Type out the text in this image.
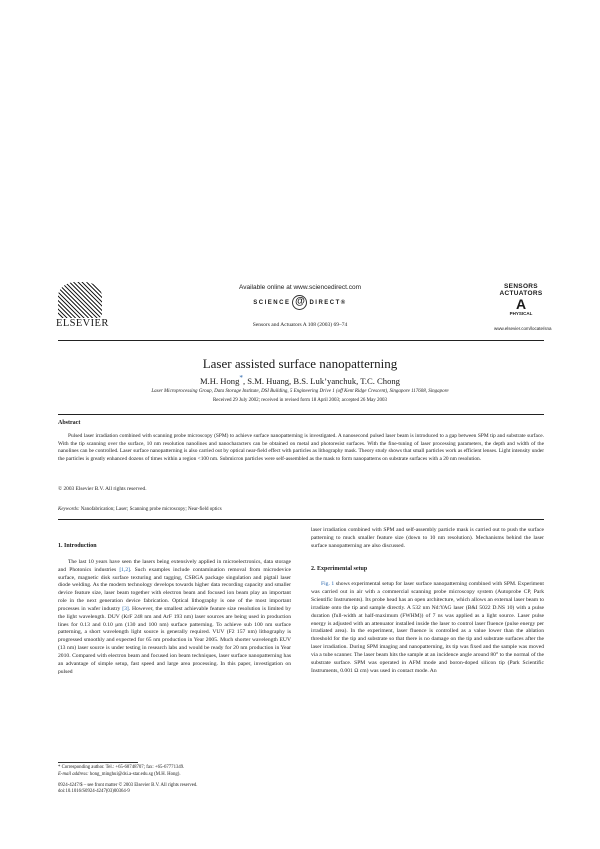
ELSEVIER
Available online at www.sciencedirect.com
SCIENCE @ DIRECT®
Sensors and Actuators A 108 (2003) 69–74
SENSORS
ACTUATORS
A
PHYSICAL
www.elsevier.com/locate/sna
Laser assisted surface nanopatterning
M.H. Hong*, S.M. Huang, B.S. Luk’yanchuk, T.C. Chong
Laser Microprocessing Group, Data Storage Institute, DSI Building, 5 Engineering Drive 1 (off Kent Ridge Crescent), Singapore 117608, Singapore
Received 29 July 2002; received in revised form 18 April 2003; accepted 26 May 2003
Abstract
Pulsed laser irradiation combined with scanning probe microscopy (SPM) to achieve surface nanopatterning is investigated. A nanosecond pulsed laser beam is introduced to a gap between SPM tip and substrate surface. With the tip scanning over the surface, 10 nm resolution nanolines and nanocharacters can be obtained on metal and photoresist surfaces. With the fine-tuning of laser processing parameters, the depth and width of the nanolines can be controlled. Laser surface nanopatterning is also carried out by optical near-field effect with particles as lithography mask. Theory study shows that small particles work as efficient lenses. Light intensity under the particles is greatly enhanced dozens of times within a region <100 nm. Submicron particles were self-assembled as the mask to form nanopatterns on substrate surfaces with a 20 nm resolution.
© 2003 Elsevier B.V. All rights reserved.
Keywords: Nanofabrication; Laser; Scanning probe microscopy; Near-field optics
1. Introduction

The last 10 years have seen the lasers being extensively applied in microelectronics, data storage and Photonics industries [1,2]. Such examples include contamination removal from microdevice surface, magnetic disk surface texturing and tagging, CSBGA package singulation and pigtail laser diode welding. As the modern technology develops towards higher data recording capacity and smaller device feature size, laser beam together with electron beam and focused ion beam play an important role in the next generation device fabrication. Optical lithography is one of the most important processes in wafer industry [3]. However, the smallest achievable feature size resolution is limited by the light wavelength. DUV (KrF 248 nm and ArF 193 nm) laser sources are being used in production lines for 0.13 and 0.10 μm (130 and 100 nm) surface patterning. To achieve sub 100 nm surface patterning, a short wavelength light source is generally required. VUV (F2 157 nm) lithography is progressed smoothly and expected for 65 nm production in Year 2005. Much shorter wavelength EUV (13 nm) laser source is under testing in research labs and would be ready for 20 nm production in Year 2010. Compared with electron beam and focused ion beam techniques, laser surface nanopatterning has an advantage of simple setup, fast speed and large area processing. In this paper, investigation on pulsed

laser irradiation combined with SPM and self-assembly particle mask is carried out to push the surface patterning to much smaller feature size (down to 10 nm resolution). Mechanisms behind the laser surface nanopatterning are also discussed.

2. Experimental setup

Fig. 1 shows experimental setup for laser surface nanopatterning combined with SPM. Experiment was carried out in air with a commercial scanning probe microscopy system (Autoprobe CP, Park Scientific Instruments). Its probe head has an open architecture, which allows an external laser beam to irradiate onto the tip and sample directly. A 532 nm Nd:YAG laser (B&I 5022 D.NS 10) with a pulse duration (full-width at half-maximum (FWHM)) of 7 ns was applied as a light source. Laser pulse energy is adjusted with an attenuator installed inside the laser to control laser fluence (pulse energy per irradiated area). In the experiment, laser fluence is controlled as a value lower than the ablation threshold for the tip and substrate so that there is no damage on the tip and substrate surfaces after the laser irradiation. During SPM imaging and nanopatterning, its tip was fixed and the sample was moved via a tube scanner. The laser beam hits the sample at an incidence angle around 80° to the normal of the substrate surface. SPM was operated in AFM mode and boron-doped silicon tip (Park Scientific Instruments, 0.001 Ω cm) was used in contact mode. An

* Corresponding author. Tel.: +65-68748707; fax: +65-67771349.
E-mail address: hong_minghui@dsi.a-star.edu.sg (M.H. Hong).
0924-4247/$ – see front matter © 2003 Elsevier B.V. All rights reserved.
doi:10.1016/S0924-4247(03)00364-9
